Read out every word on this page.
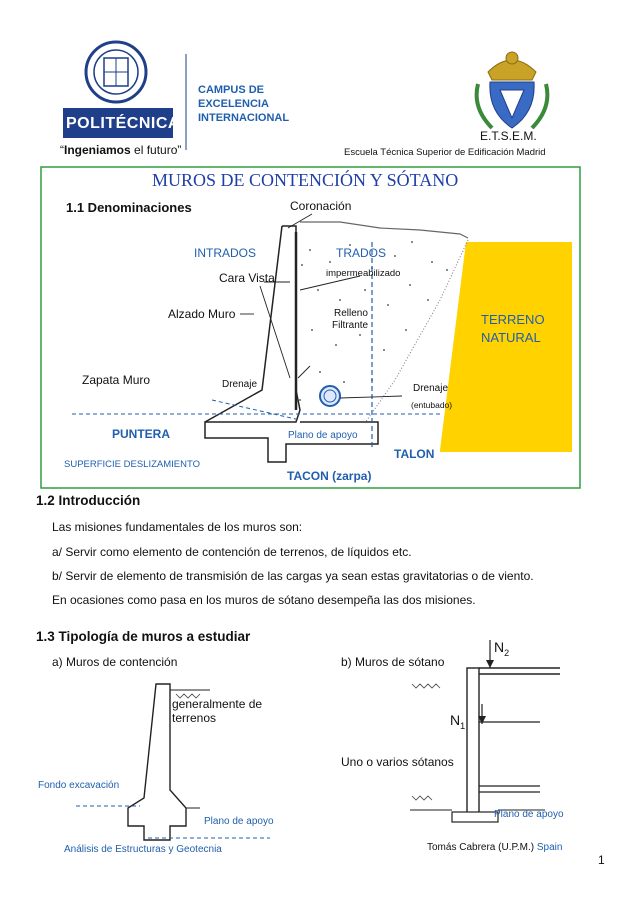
POLITÉCNICA
“Ingeniamos el futuro”
CAMPUS DE
EXCELENCIA
INTERNACIONAL
E.T.S.E.M.
Escuela Técnica Superior de Edificación Madrid
MUROS DE CONTENCIÓN Y SÓTANO
1.1 Denominaciones	Coronación
INTRADOS	TRADOS
Cara Vista	impermeabilizado
Alzado Muro	Relleno
Filtrante	TERRENO
NATURAL
Zapata Muro	Drenaje	Drenaje
(entubado)
PUNTERA	Plano de apoyo
TALON
SUPERFICIE DESLIZAMIENTO
TACON (zarpa)
1.2 Introducción
Las misiones fundamentales de los muros son:
a/ Servir como elemento de contención de terrenos, de líquidos etc.
b/ Servir de elemento de transmisión de las cargas ya sean estas gravitatorias o de viento.
En ocasiones como pasa en los muros de sótano desempeña las dos misiones.
1.3 Tipología de muros a estudiar
a) Muros de contención	b) Muros de sótano
generalmente de
terrenos
Uno o varios sótanos
Fondo excavación
Plano de apoyo
Plano de apoyo
$N_2$
$N_1$
Análisis de Estructuras y Geotecnia	Tomás Cabrera (U.P.M.) Spain
1
